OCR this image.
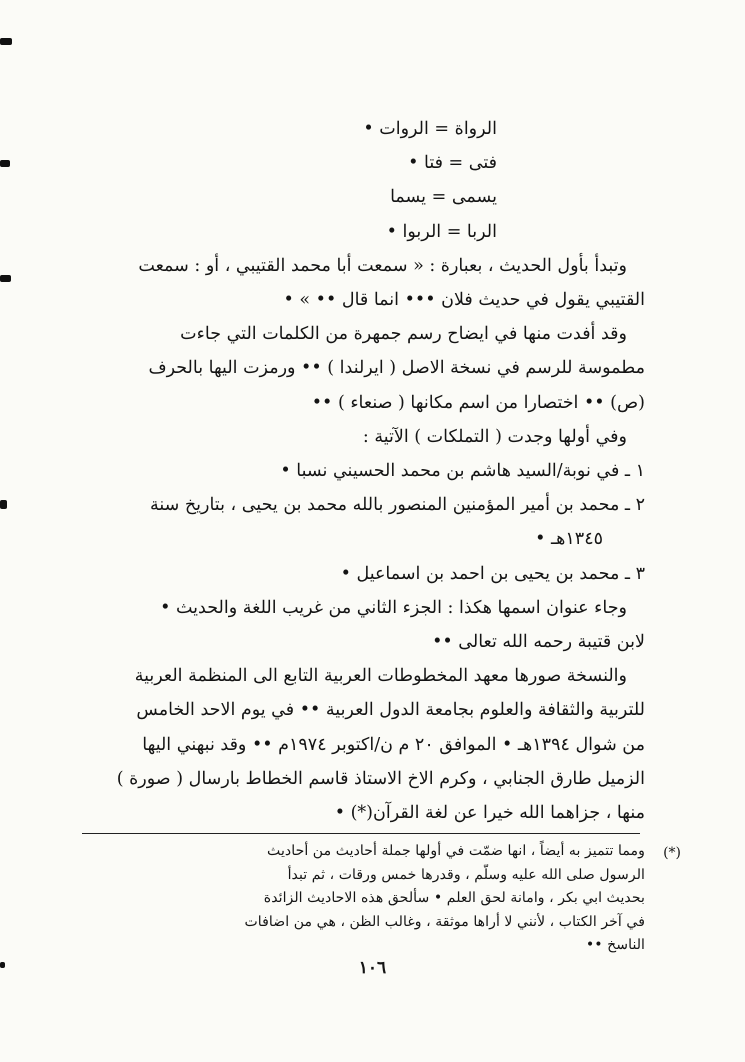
الرواة = الروات •
فتى = فتا •
يسمى = يسما
الربا = الربوا •
وتبدأ بأول الحديث ، بعبارة : « سمعت أبا محمد القتيبي ، أو : سمعت
القتيبي يقول في حديث فلان ••• انما قال •• » •
وقد أفدت منها في ايضاح رسم جمهرة من الكلمات التي جاءت
مطموسة للرسم في نسخة الاصل ( ايرلندا ) •• ورمزت اليها بالحرف
(ص) •• اختصارا من اسم مكانها ( صنعاء ) ••
وفي أولها وجدت ( التملكات ) الآتية :
١ ـ في نوبة/السيد هاشم بن محمد الحسيني نسبا •
٢ ـ محمد بن أمير المؤمنين المنصور بالله محمد بن يحيى ، بتاريخ سنة
١٣٤٥هـ •
٣ ـ محمد بن يحيى بن احمد بن اسماعيل •
وجاء عنوان اسمها هكذا : الجزء الثاني من غريب اللغة والحديث •
لابن قتيبة رحمه الله تعالى ••
والنسخة صورها معهد المخطوطات العربية التابع الى المنظمة العربية
للتربية والثقافة والعلوم بجامعة الدول العربية •• في يوم الاحد الخامس
من شوال ١٣٩٤هـ • الموافق ٢٠ م ن/اكتوبر ١٩٧٤م •• وقد نبهني اليها
الزميل طارق الجنابي ، وكرم الاخ الاستاذ قاسم الخطاط بارسال ( صورة )
منها ، جزاهما الله خيرا عن لغة القرآن(*) •
(*)
ومما تتميز به أيضاً ، انها ضمّت في أولها جملة أحاديث من أحاديث
الرسول صلى الله عليه وسلّم ، وقدرها خمس ورقات ، ثم تبدأ
بحديث ابي بكر ، وامانة لحق العلم • سألحق هذه الاحاديث الزائدة
في آخر الكتاب ، لأنني لا أراها موثقة ، وغالب الظن ، هي من اضافات
الناسخ ••
١٠٦
